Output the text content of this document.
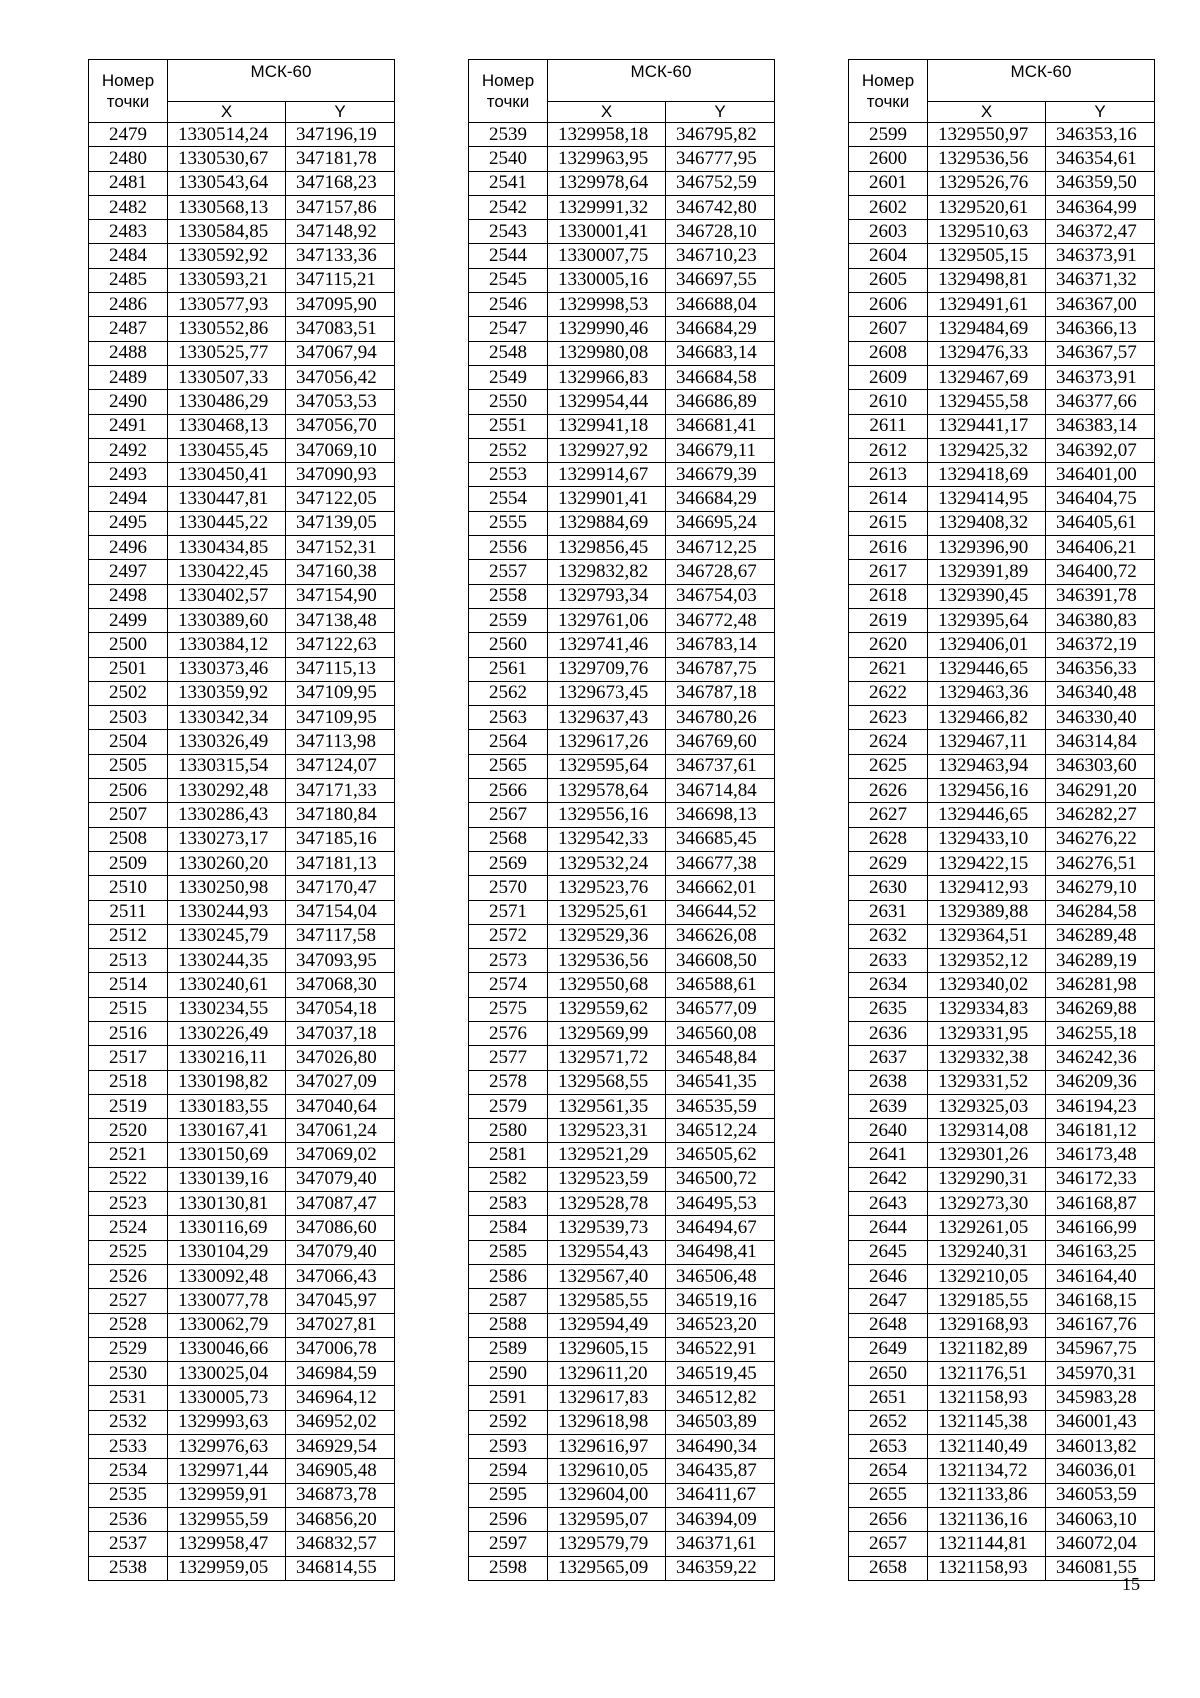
Номер точки	МСК-60	
	X	Y
2479	1330514,24	347196,19
2480	1330530,67	347181,78
2481	1330543,64	347168,23
2482	1330568,13	347157,86
2483	1330584,85	347148,92
2484	1330592,92	347133,36
2485	1330593,21	347115,21
2486	1330577,93	347095,90
2487	1330552,86	347083,51
2488	1330525,77	347067,94
2489	1330507,33	347056,42
2490	1330486,29	347053,53
2491	1330468,13	347056,70
2492	1330455,45	347069,10
2493	1330450,41	347090,93
2494	1330447,81	347122,05
2495	1330445,22	347139,05
2496	1330434,85	347152,31
2497	1330422,45	347160,38
2498	1330402,57	347154,90
2499	1330389,60	347138,48
2500	1330384,12	347122,63
2501	1330373,46	347115,13
2502	1330359,92	347109,95
2503	1330342,34	347109,95
2504	1330326,49	347113,98
2505	1330315,54	347124,07
2506	1330292,48	347171,33
2507	1330286,43	347180,84
2508	1330273,17	347185,16
2509	1330260,20	347181,13
2510	1330250,98	347170,47
2511	1330244,93	347154,04
2512	1330245,79	347117,58
2513	1330244,35	347093,95
2514	1330240,61	347068,30
2515	1330234,55	347054,18
2516	1330226,49	347037,18
2517	1330216,11	347026,80
2518	1330198,82	347027,09
2519	1330183,55	347040,64
2520	1330167,41	347061,24
2521	1330150,69	347069,02
2522	1330139,16	347079,40
2523	1330130,81	347087,47
2524	1330116,69	347086,60
2525	1330104,29	347079,40
2526	1330092,48	347066,43
2527	1330077,78	347045,97
2528	1330062,79	347027,81
2529	1330046,66	347006,78
2530	1330025,04	346984,59
2531	1330005,73	346964,12
2532	1329993,63	346952,02
2533	1329976,63	346929,54
2534	1329971,44	346905,48
2535	1329959,91	346873,78
2536	1329955,59	346856,20
2537	1329958,47	346832,57
2538	1329959,05	346814,55
Номер точки	МСК-60	
	X	Y
2539	1329958,18	346795,82
2540	1329963,95	346777,95
2541	1329978,64	346752,59
2542	1329991,32	346742,80
2543	1330001,41	346728,10
2544	1330007,75	346710,23
2545	1330005,16	346697,55
2546	1329998,53	346688,04
2547	1329990,46	346684,29
2548	1329980,08	346683,14
2549	1329966,83	346684,58
2550	1329954,44	346686,89
2551	1329941,18	346681,41
2552	1329927,92	346679,11
2553	1329914,67	346679,39
2554	1329901,41	346684,29
2555	1329884,69	346695,24
2556	1329856,45	346712,25
2557	1329832,82	346728,67
2558	1329793,34	346754,03
2559	1329761,06	346772,48
2560	1329741,46	346783,14
2561	1329709,76	346787,75
2562	1329673,45	346787,18
2563	1329637,43	346780,26
2564	1329617,26	346769,60
2565	1329595,64	346737,61
2566	1329578,64	346714,84
2567	1329556,16	346698,13
2568	1329542,33	346685,45
2569	1329532,24	346677,38
2570	1329523,76	346662,01
2571	1329525,61	346644,52
2572	1329529,36	346626,08
2573	1329536,56	346608,50
2574	1329550,68	346588,61
2575	1329559,62	346577,09
2576	1329569,99	346560,08
2577	1329571,72	346548,84
2578	1329568,55	346541,35
2579	1329561,35	346535,59
2580	1329523,31	346512,24
2581	1329521,29	346505,62
2582	1329523,59	346500,72
2583	1329528,78	346495,53
2584	1329539,73	346494,67
2585	1329554,43	346498,41
2586	1329567,40	346506,48
2587	1329585,55	346519,16
2588	1329594,49	346523,20
2589	1329605,15	346522,91
2590	1329611,20	346519,45
2591	1329617,83	346512,82
2592	1329618,98	346503,89
2593	1329616,97	346490,34
2594	1329610,05	346435,87
2595	1329604,00	346411,67
2596	1329595,07	346394,09
2597	1329579,79	346371,61
2598	1329565,09	346359,22
Номер точки	МСК-60	
	X	Y
2599	1329550,97	346353,16
2600	1329536,56	346354,61
2601	1329526,76	346359,50
2602	1329520,61	346364,99
2603	1329510,63	346372,47
2604	1329505,15	346373,91
2605	1329498,81	346371,32
2606	1329491,61	346367,00
2607	1329484,69	346366,13
2608	1329476,33	346367,57
2609	1329467,69	346373,91
2610	1329455,58	346377,66
2611	1329441,17	346383,14
2612	1329425,32	346392,07
2613	1329418,69	346401,00
2614	1329414,95	346404,75
2615	1329408,32	346405,61
2616	1329396,90	346406,21
2617	1329391,89	346400,72
2618	1329390,45	346391,78
2619	1329395,64	346380,83
2620	1329406,01	346372,19
2621	1329446,65	346356,33
2622	1329463,36	346340,48
2623	1329466,82	346330,40
2624	1329467,11	346314,84
2625	1329463,94	346303,60
2626	1329456,16	346291,20
2627	1329446,65	346282,27
2628	1329433,10	346276,22
2629	1329422,15	346276,51
2630	1329412,93	346279,10
2631	1329389,88	346284,58
2632	1329364,51	346289,48
2633	1329352,12	346289,19
2634	1329340,02	346281,98
2635	1329334,83	346269,88
2636	1329331,95	346255,18
2637	1329332,38	346242,36
2638	1329331,52	346209,36
2639	1329325,03	346194,23
2640	1329314,08	346181,12
2641	1329301,26	346173,48
2642	1329290,31	346172,33
2643	1329273,30	346168,87
2644	1329261,05	346166,99
2645	1329240,31	346163,25
2646	1329210,05	346164,40
2647	1329185,55	346168,15
2648	1329168,93	346167,76
2649	1321182,89	345967,75
2650	1321176,51	345970,31
2651	1321158,93	345983,28
2652	1321145,38	346001,43
2653	1321140,49	346013,82
2654	1321134,72	346036,01
2655	1321133,86	346053,59
2656	1321136,16	346063,10
2657	1321144,81	346072,04
2658	1321158,93	346081,55
15
